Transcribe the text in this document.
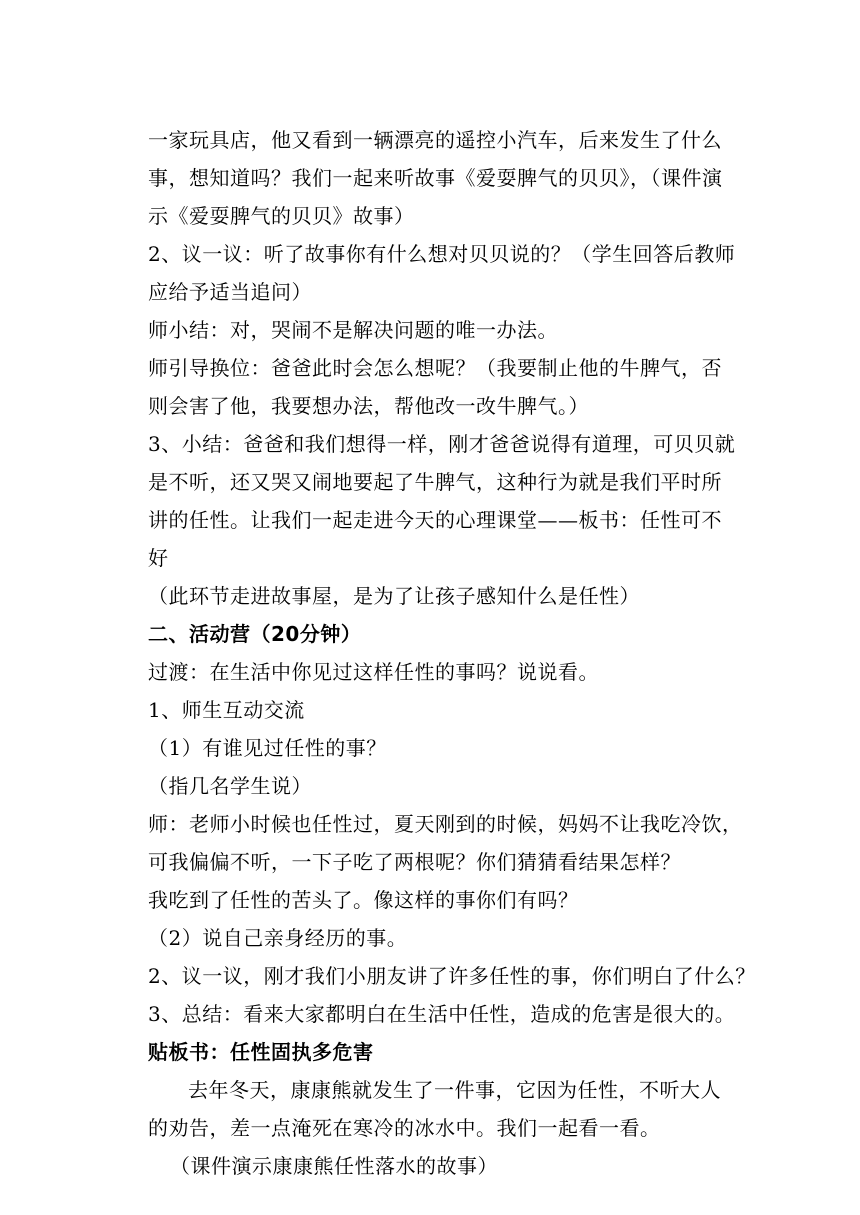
一家玩具店，他又看到一辆漂亮的遥控小汽车，后来发生了什么
事，想知道吗？我们一起来听故事《爱耍脾气的贝贝》，（课件演
示《爱耍脾气的贝贝》故事）
2、议一议：听了故事你有什么想对贝贝说的？（学生回答后教师
应给予适当追问）
师小结：对，哭闹不是解决问题的唯一办法。
师引导换位：爸爸此时会怎么想呢？（我要制止他的牛脾气，否
则会害了他，我要想办法，帮他改一改牛脾气。）
3、小结：爸爸和我们想得一样，刚才爸爸说得有道理，可贝贝就
是不听，还又哭又闹地要起了牛脾气，这种行为就是我们平时所
讲的任性。让我们一起走进今天的心理课堂——板书：任性可不
好
（此环节走进故事屋，是为了让孩子感知什么是任性）
二、活动营（20分钟）
过渡：在生活中你见过这样任性的事吗？说说看。
1、师生互动交流
（1）有谁见过任性的事？
（指几名学生说）
师：老师小时候也任性过，夏天刚到的时候，妈妈不让我吃冷饮，
可我偏偏不听，一下子吃了两根呢？你们猜猜看结果怎样？
我吃到了任性的苦头了。像这样的事你们有吗？
（2）说自己亲身经历的事。
2、议一议，刚才我们小朋友讲了许多任性的事，你们明白了什么？
3、总结：看来大家都明白在生活中任性，造成的危害是很大的。
贴板书：任性固执多危害
去年冬天，康康熊就发生了一件事，它因为任性，不听大人
的劝告，差一点淹死在寒冷的冰水中。我们一起看一看。
（课件演示康康熊任性落水的故事）
